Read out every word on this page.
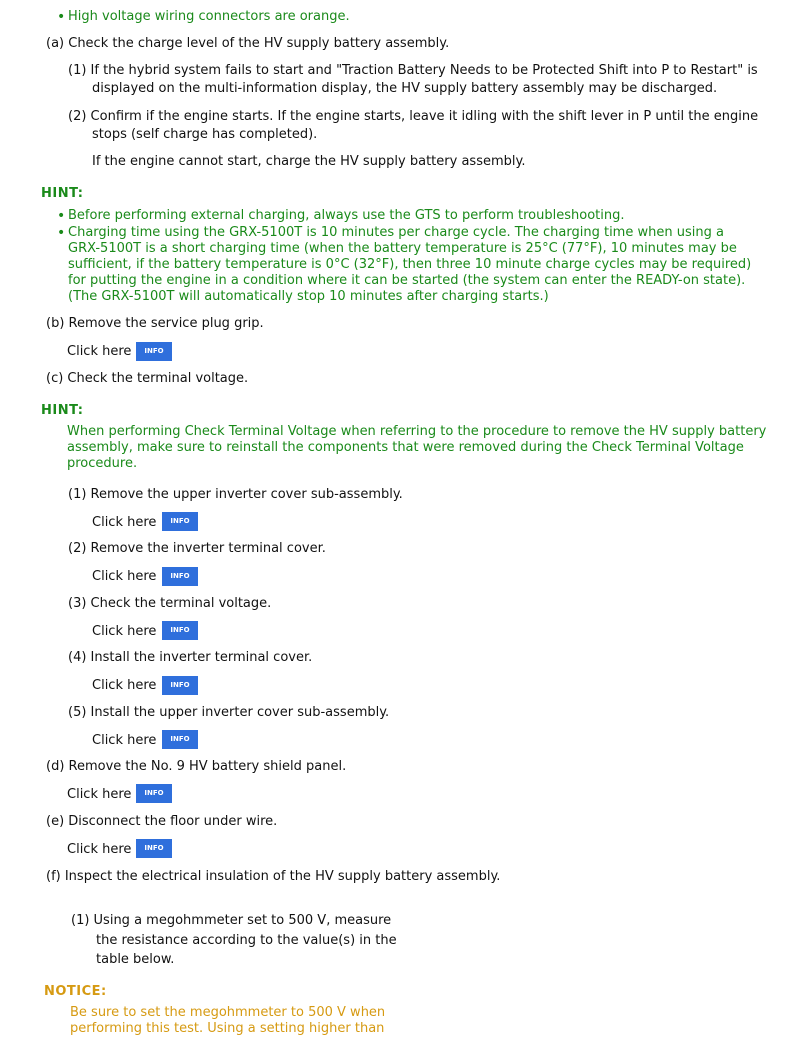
• High voltage wiring connectors are orange.
(a) Check the charge level of the HV supply battery assembly.
(1) If the hybrid system fails to start and "Traction Battery Needs to be Protected Shift into P to Restart" is
displayed on the multi-information display, the HV supply battery assembly may be discharged.
(2) Confirm if the engine starts. If the engine starts, leave it idling with the shift lever in P until the engine
stops (self charge has completed).
If the engine cannot start, charge the HV supply battery assembly.
HINT:
• Before performing external charging, always use the GTS to perform troubleshooting.
• Charging time using the GRX-5100T is 10 minutes per charge cycle. The charging time when using a
GRX-5100T is a short charging time (when the battery temperature is 25°C (77°F), 10 minutes may be
sufficient, if the battery temperature is 0°C (32°F), then three 10 minute charge cycles may be required)
for putting the engine in a condition where it can be started (the system can enter the READY-on state).
(The GRX-5100T will automatically stop 10 minutes after charging starts.)
(b) Remove the service plug grip.
Click here	INFO
(c) Check the terminal voltage.
HINT:
When performing Check Terminal Voltage when referring to the procedure to remove the HV supply battery
assembly, make sure to reinstall the components that were removed during the Check Terminal Voltage
procedure.
(1) Remove the upper inverter cover sub-assembly.
Click here	INFO
(2) Remove the inverter terminal cover.
Click here	INFO
(3) Check the terminal voltage.
Click here	INFO
(4) Install the inverter terminal cover.
Click here	INFO
(5) Install the upper inverter cover sub-assembly.
Click here	INFO
(d) Remove the No. 9 HV battery shield panel.
Click here	INFO
(e) Disconnect the floor under wire.
Click here	INFO
(f) Inspect the electrical insulation of the HV supply battery assembly.
(1) Using a megohmmeter set to 500 V, measure
the resistance according to the value(s) in the
table below.
NOTICE:
Be sure to set the megohmmeter to 500 V when
performing this test. Using a setting higher than
